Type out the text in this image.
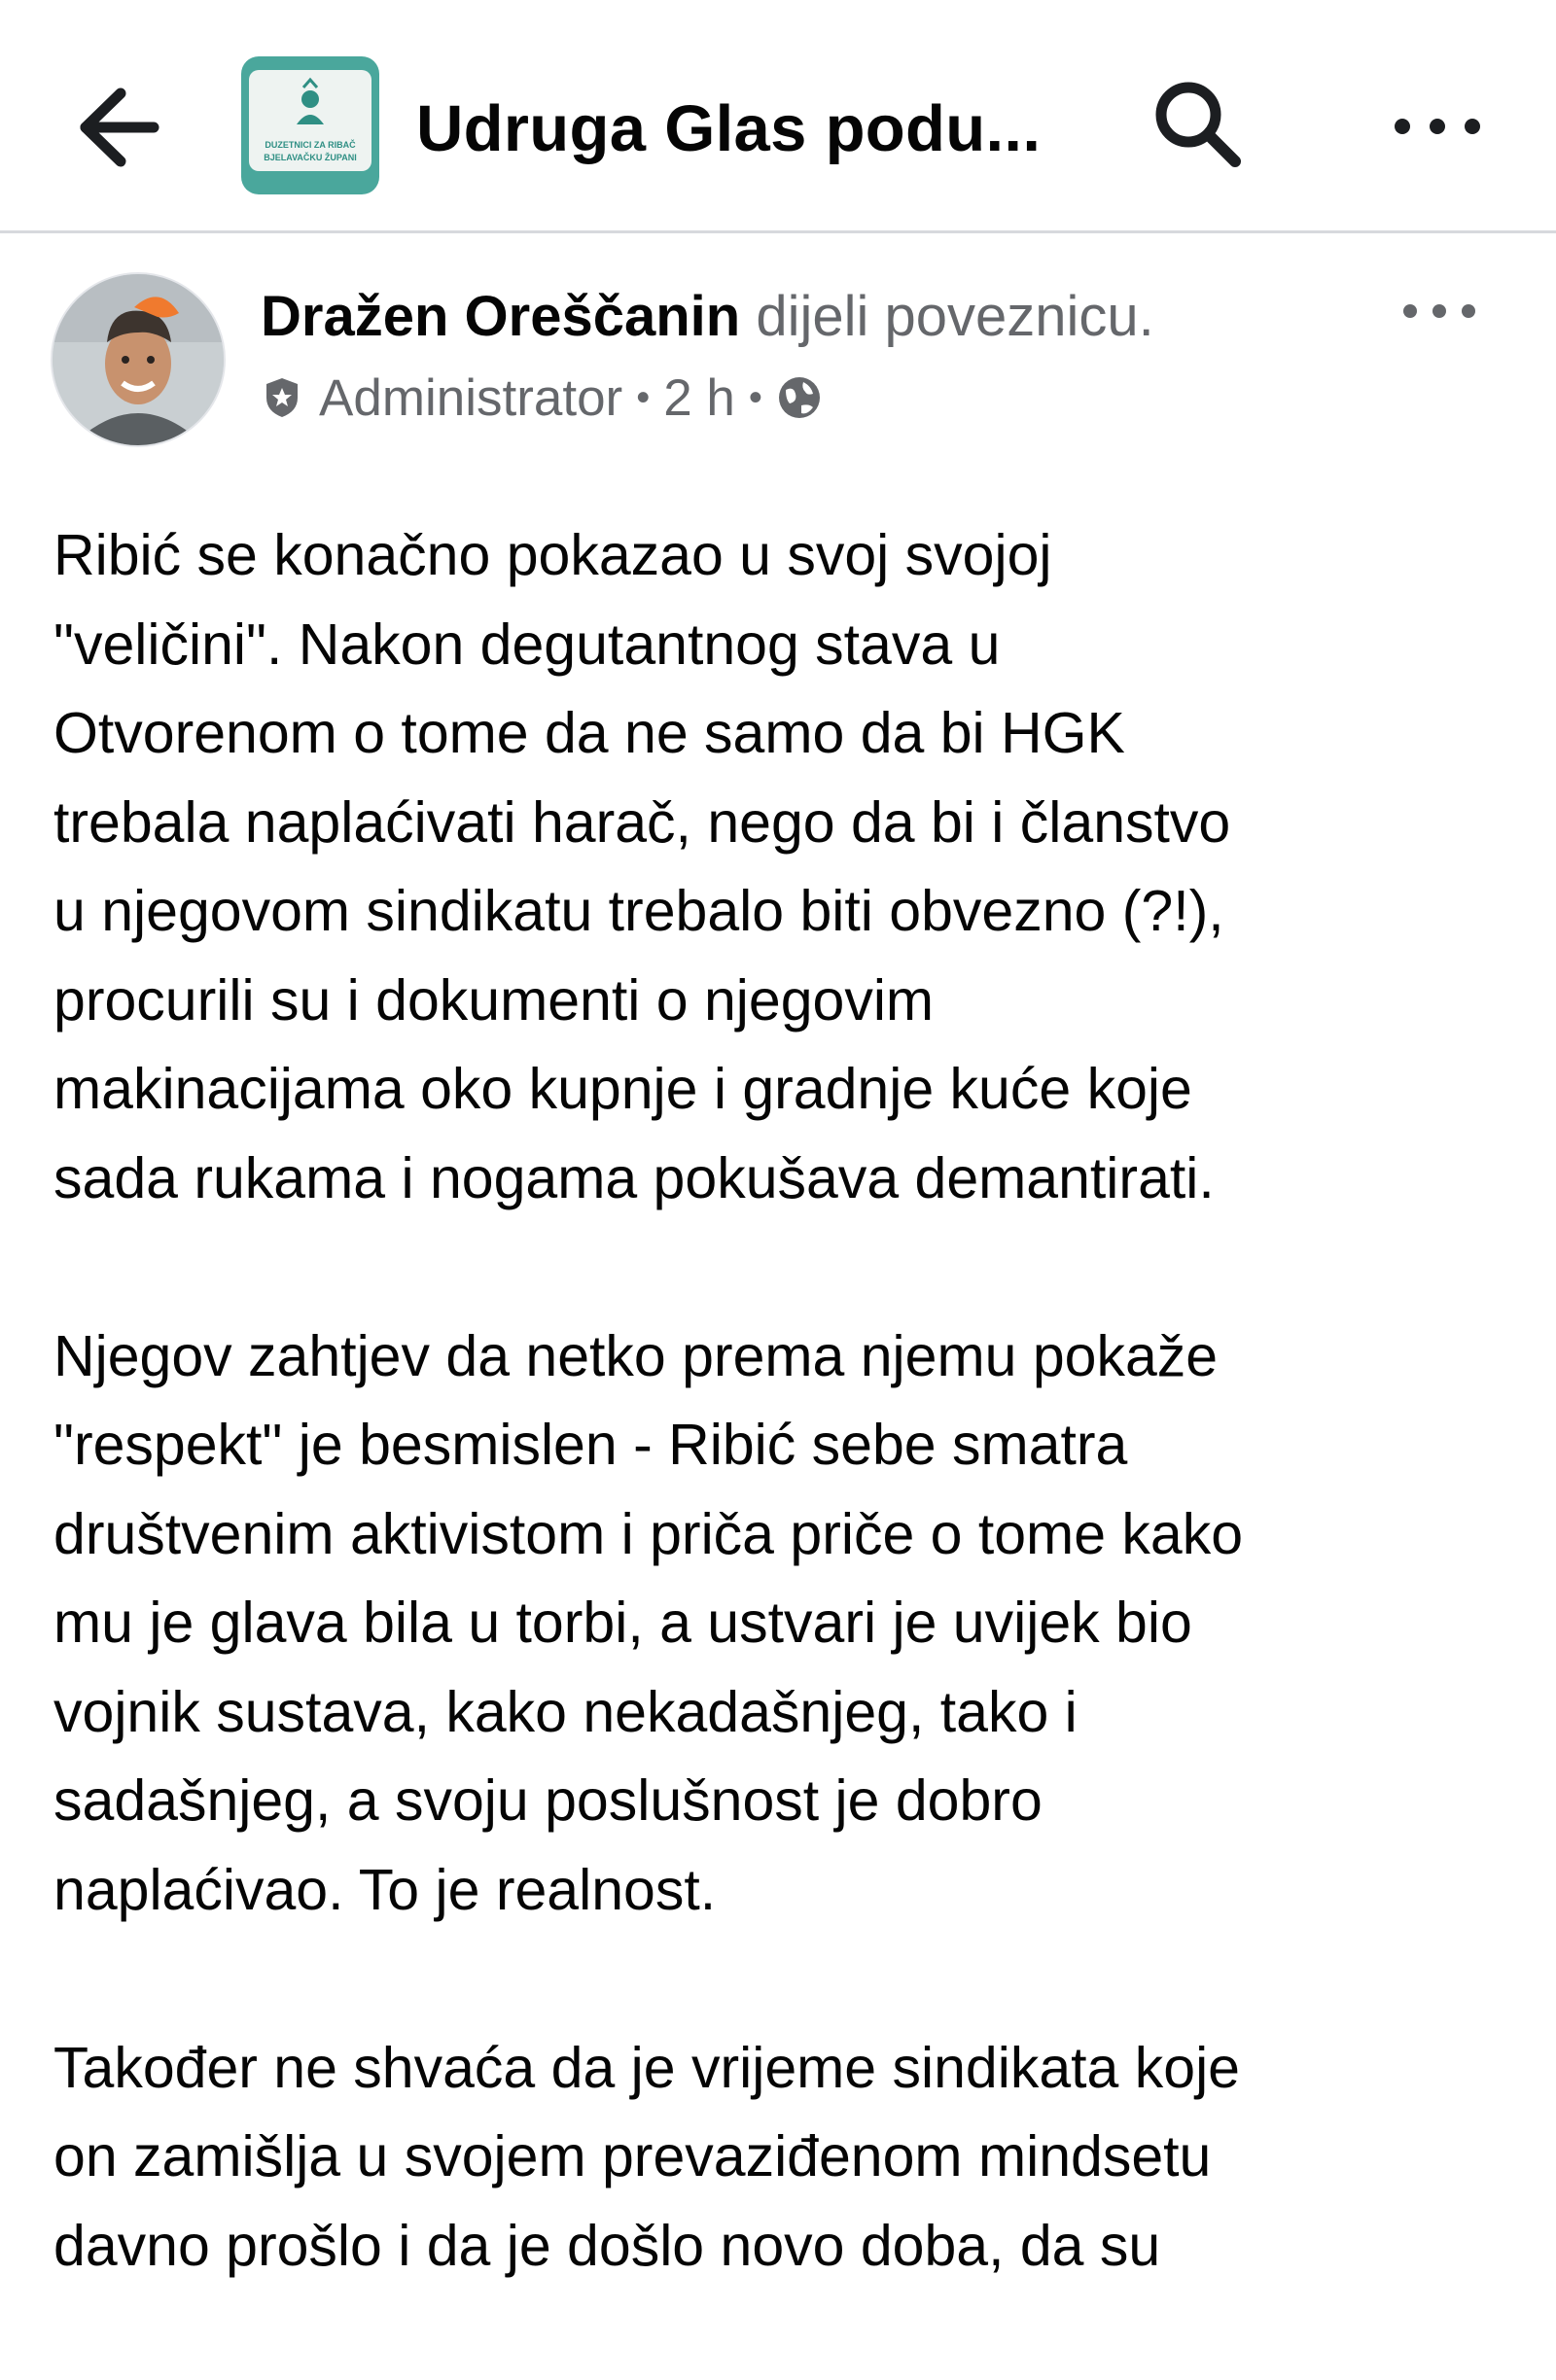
DUZETNICI ZA RIBAČ
BJELAVAČKU ŽUPANI Udruga Glas podu...
Dražen Oreščanin dijeli poveznicu.
Administrator • 2 h •
Ribić se konačno pokazao u svoj svojoj
"veličini". Nakon degutantnog stava u
Otvorenom o tome da ne samo da bi HGK
trebala naplaćivati harač, nego da bi i članstvo
u njegovom sindikatu trebalo biti obvezno (?!),
procurili su i dokumenti o njegovim
makinacijama oko kupnje i gradnje kuće koje
sada rukama i nogama pokušava demantirati.
Njegov zahtjev da netko prema njemu pokaže
"respekt" je besmislen - Ribić sebe smatra
društvenim aktivistom i priča priče o tome kako
mu je glava bila u torbi, a ustvari je uvijek bio
vojnik sustava, kako nekadašnjeg, tako i
sadašnjeg, a svoju poslušnost je dobro
naplaćivao. To je realnost.
Također ne shvaća da je vrijeme sindikata koje
on zamišlja u svojem prevaziđenom mindsetu
davno prošlo i da je došlo novo doba, da su
